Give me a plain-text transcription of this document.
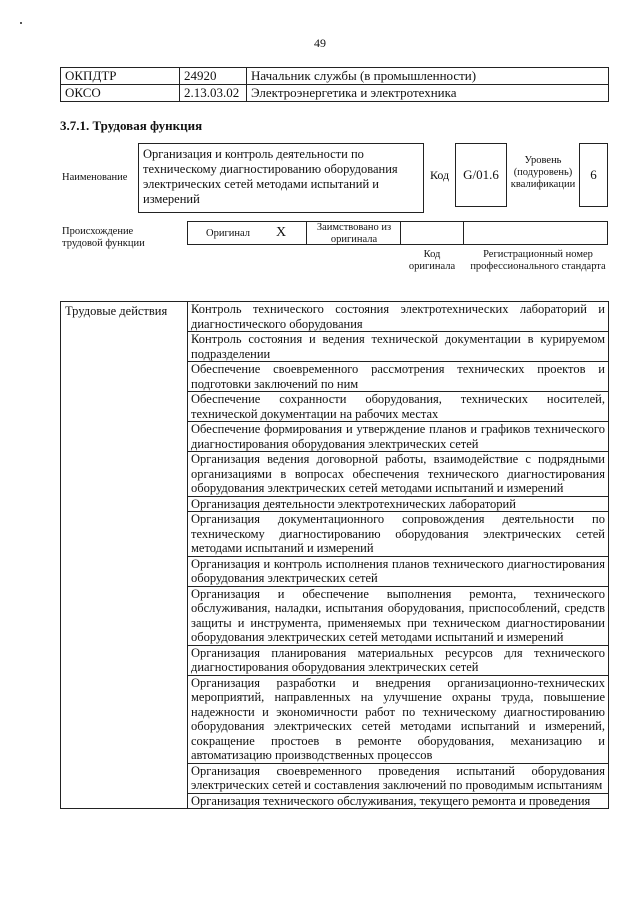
49
ОКПДТР	24920	Начальник службы (в промышленности)
ОКСО	2.13.03.02	Электроэнергетика и электротехника
3.7.1. Трудовая функция
Наименование
Организация и контроль деятельности по техническому диагностированию оборудования электрических сетей методами испытаний и измерений
Код	G/01.6
Уровень (подуровень) квалификации
6
Происхождение трудовой функции
Оригинал X	Заимствовано из оригинала
Код оригинала
Регистрационный номер профессионального стандарта
Трудовые действия	Контроль технического состояния электротехнических лабораторий и диагностического оборудования
Контроль состояния и ведения технической документации в курируемом подразделении
Обеспечение своевременного рассмотрения технических проектов и подготовки заключений по ним
Обеспечение сохранности оборудования, технических носителей, технической документации на рабочих местах
Обеспечение формирования и утверждение планов и графиков технического диагностирования оборудования электрических сетей
Организация ведения договорной работы, взаимодействие с подрядными организациями в вопросах обеспечения технического диагностирования оборудования электрических сетей методами испытаний и измерений
Организация деятельности электротехнических лабораторий
Организация документационного сопровождения деятельности по техническому диагностированию оборудования электрических сетей методами испытаний и измерений
Организация и контроль исполнения планов технического диагностирования оборудования электрических сетей
Организация и обеспечение выполнения ремонта, технического обслуживания, наладки, испытания оборудования, приспособлений, средств защиты и инструмента, применяемых при техническом диагностировании оборудования электрических сетей методами испытаний и измерений
Организация планирования материальных ресурсов для технического диагностирования оборудования электрических сетей
Организация разработки и внедрения организационно-технических мероприятий, направленных на улучшение охраны труда, повышение надежности и экономичности работ по техническому диагностированию оборудования электрических сетей методами испытаний и измерений, сокращение простоев в ремонте оборудования, механизацию и автоматизацию производственных процессов
Организация своевременного проведения испытаний оборудования электрических сетей и составления заключений по проводимым испытаниям
Организация технического обслуживания, текущего ремонта и проведения
